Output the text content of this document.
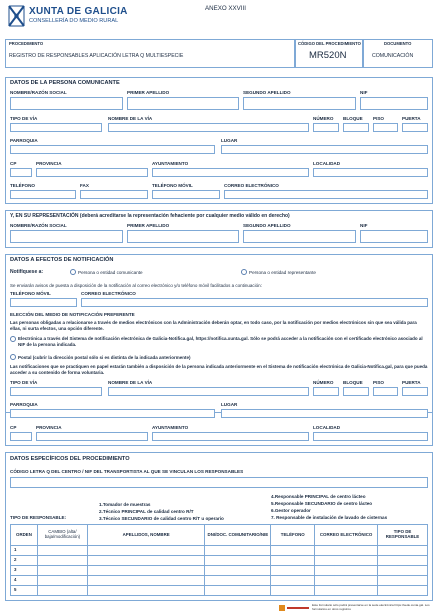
XUNTA DE GALICIA
CONSELLERÍA DO MEDIO RURAL
ANEXO XXVIII
PROCEDIMENTO
REGISTRO DE RESPONSABLES APLICACIÓN LETRA Q MULTIESPECIE
CÓDIGO DEL PROCEDIMIENTO
MR520N
DOCUMENTO
COMUNICACIÓN
DATOS DE LA PERSONA COMUNICANTE
NOMBRE/RAZÓN SOCIAL	PRIMER APELLIDO	SEGUNDO APELLIDO	NIF
TIPO DE VÍA	NOMBRE DE LA VÍA	NÚMERO BLOQUE PISO	PUERTA
PARROQUIA	LUGAR
CP	PROVINCIA	AYUNTAMIENTO	LOCALIDAD
TELÉFONO	FAX	TELÉFONO MÓVIL	CORREO ELECTRÓNICO
Y, EN SU REPRESENTACIÓN (deberá acreditarse la representación fehaciente por cualquier medio válido en derecho)
NOMBRE/RAZÓN SOCIAL	PRIMER APELLIDO	SEGUNDO APELLIDO	NIF
DATOS A EFECTOS DE NOTIFICACIÓN
Notifíquese a:	Persona o entidad comunicante	Persona o entidad representante
Se enviarán avisos de puesta a disposición de la notificación al correo electrónico y/o teléfono móvil facilitados a continuación:
TELÉFONO MÓVIL	CORREO ELECTRÓNICO
ELECCIÓN DEL MEDIO DE NOTIFICACIÓN PREFERENTE
Las personas obligadas a relacionarse a través de medios electrónicos con la Administración deberán optar, en todo caso, por la notificación por medios electrónicos sin que sea válida para ellas, ni surta efectos, una opción diferente.
Electrónica a través del Sistema de notificación electrónica de Galicia-Notifica.gal, https://notifica.xunta.gal. Sólo se podrá acceder a la notificación con el certificado electrónico asociado al NIF de la persona indicada.
Postal (cubrir la dirección postal sólo si es distinta de la indicada anteriormente)
Las notificaciones que se practiquen en papel estarán también a disposición de la persona indicada anteriormente en el Sistema de notificación electrónica de Galicia-Notifica.gal, para que pueda acceder a su contenido de forma voluntaria.
TIPO DE VÍA	NOMBRE DE LA VÍA	NÚMERO BLOQUE PISO	PUERTA
PARROQUIA	LUGAR
CP	PROVINCIA	AYUNTAMIENTO	LOCALIDAD
DATOS ESPECÍFICOS DEL PROCEDIMIENTO
CÓDIGO LETRA Q DEL CENTRO / NIF DEL TRANSPORTISTA AL QUE SE VINCULAN LOS RESPONSABLES
1.Tomador de muestras
2.Técnico PRINCIPAL de calidad centro R/T
3.Técnico SECUNDARIO de calidad centro R/T u operario
4.Responsable PRINCIPAL de centro lácteo
5.Responsable SECUNDARIO de centro lácteo
6.Gestor operador
7. Responsable de instalación de lavado de cisternas
TIPO DE RESPONSABLE:
ORDEN	CAMBIO (alta/ baja/modificación)	APELLIDOS, NOMBRE	DNI/DOC. COMUNITARIO/NIE	TELÉFONO	CORREO ELECTRÓNICO	TIPO DE RESPONSABLE
1						
2						
3						
4						
5						
Este formulario sólo podrá presentarse en la sede electrónica https://sede.xunta.gal. Los formularios en otros registros
